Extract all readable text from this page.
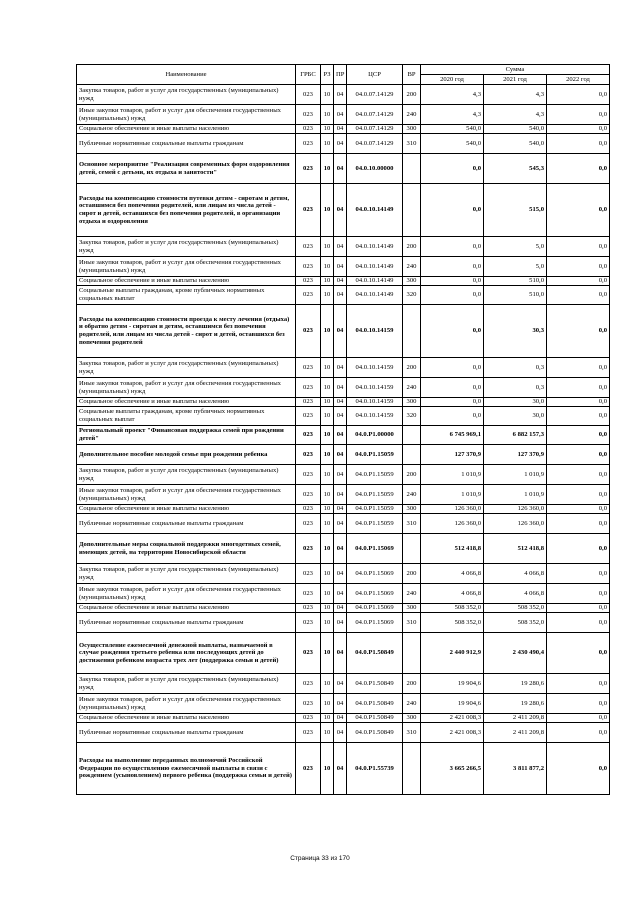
Наименование	ГРБС	РЗ	ПР	ЦСР	ВР	Сумма		
						2020 год	2021 год	2022 год
Закупка товаров, работ и услуг для государственных (муниципальных) нужд	023	10	04	04.0.07.14129	200	4,3	4,3	0,0
Иные закупки товаров, работ и услуг для обеспечения государственных (муниципальных) нужд	023	10	04	04.0.07.14129	240	4,3	4,3	0,0
Социальное обеспечение и иные выплаты населению	023	10	04	04.0.07.14129	300	540,0	540,0	0,0
Публичные нормативные социальные выплаты гражданам	023	10	04	04.0.07.14129	310	540,0	540,0	0,0
Основное мероприятие "Реализация современных форм оздоровления детей, семей с детьми, их отдыха и занятости"	023	10	04	04.0.10.00000		0,0	545,3	0,0
Расходы на компенсацию стоимости путевки детям - сиротам и детям, оставшимся без попечения родителей, или лицам из числа детей - сирот и детей, оставшихся без попечения родителей, в организации отдыха и оздоровления	023	10	04	04.0.10.14149		0,0	515,0	0,0
Закупка товаров, работ и услуг для государственных (муниципальных) нужд	023	10	04	04.0.10.14149	200	0,0	5,0	0,0
Иные закупки товаров, работ и услуг для обеспечения государственных (муниципальных) нужд	023	10	04	04.0.10.14149	240	0,0	5,0	0,0
Социальное обеспечение и иные выплаты населению	023	10	04	04.0.10.14149	300	0,0	510,0	0,0
Социальные выплаты гражданам, кроме публичных нормативных социальных выплат	023	10	04	04.0.10.14149	320	0,0	510,0	0,0
Расходы на компенсацию стоимости проезда к месту лечения (отдыха) и обратно детям - сиротам и детям, оставшимся без попечения родителей, или лицам из числа детей - сирот и детей, оставшихся без попечения родителей	023	10	04	04.0.10.14159		0,0	30,3	0,0
Закупка товаров, работ и услуг для государственных (муниципальных) нужд	023	10	04	04.0.10.14159	200	0,0	0,3	0,0
Иные закупки товаров, работ и услуг для обеспечения государственных (муниципальных) нужд	023	10	04	04.0.10.14159	240	0,0	0,3	0,0
Социальное обеспечение и иные выплаты населению	023	10	04	04.0.10.14159	300	0,0	30,0	0,0
Социальные выплаты гражданам, кроме публичных нормативных социальных выплат	023	10	04	04.0.10.14159	320	0,0	30,0	0,0
Региональный проект "Финансовая поддержка семей при рождении детей"	023	10	04	04.0.P1.00000		6 745 969,1	6 882 157,3	0,0
Дополнительное пособие молодой семье при рождении ребенка	023	10	04	04.0.P1.15059		127 370,9	127 370,9	0,0
Закупка товаров, работ и услуг для государственных (муниципальных) нужд	023	10	04	04.0.P1.15059	200	1 010,9	1 010,9	0,0
Иные закупки товаров, работ и услуг для обеспечения государственных (муниципальных) нужд	023	10	04	04.0.P1.15059	240	1 010,9	1 010,9	0,0
Социальное обеспечение и иные выплаты населению	023	10	04	04.0.P1.15059	300	126 360,0	126 360,0	0,0
Публичные нормативные социальные выплаты гражданам	023	10	04	04.0.P1.15059	310	126 360,0	126 360,0	0,0
Дополнительные меры социальной поддержки многодетных семей, имеющих детей, на территории Новосибирской области	023	10	04	04.0.P1.15069		512 418,8	512 418,8	0,0
Закупка товаров, работ и услуг для государственных (муниципальных) нужд	023	10	04	04.0.P1.15069	200	4 066,8	4 066,8	0,0
Иные закупки товаров, работ и услуг для обеспечения государственных (муниципальных) нужд	023	10	04	04.0.P1.15069	240	4 066,8	4 066,8	0,0
Социальное обеспечение и иные выплаты населению	023	10	04	04.0.P1.15069	300	508 352,0	508 352,0	0,0
Публичные нормативные социальные выплаты гражданам	023	10	04	04.0.P1.15069	310	508 352,0	508 352,0	0,0
Осуществление ежемесячной денежной выплаты, назначаемой в случае рождения третьего ребенка или последующих детей до достижения ребенком возраста трех лет (поддержка семьи и детей)	023	10	04	04.0.P1.50849		2 440 912,9	2 430 490,4	0,0
Закупка товаров, работ и услуг для государственных (муниципальных) нужд	023	10	04	04.0.P1.50849	200	19 904,6	19 280,6	0,0
Иные закупки товаров, работ и услуг для обеспечения государственных (муниципальных) нужд	023	10	04	04.0.P1.50849	240	19 904,6	19 280,6	0,0
Социальное обеспечение и иные выплаты населению	023	10	04	04.0.P1.50849	300	2 421 008,3	2 411 209,8	0,0
Публичные нормативные социальные выплаты гражданам	023	10	04	04.0.P1.50849	310	2 421 008,3	2 411 209,8	0,0
Расходы на выполнение переданных полномочий Российской Федерации по осуществлению ежемесячной выплаты в связи с рождением (усыновлением) первого ребенка (поддержка семьи и детей)	023	10	04	04.0.P1.55739		3 665 266,5	3 811 877,2	0,0
Страница 33 из 170
